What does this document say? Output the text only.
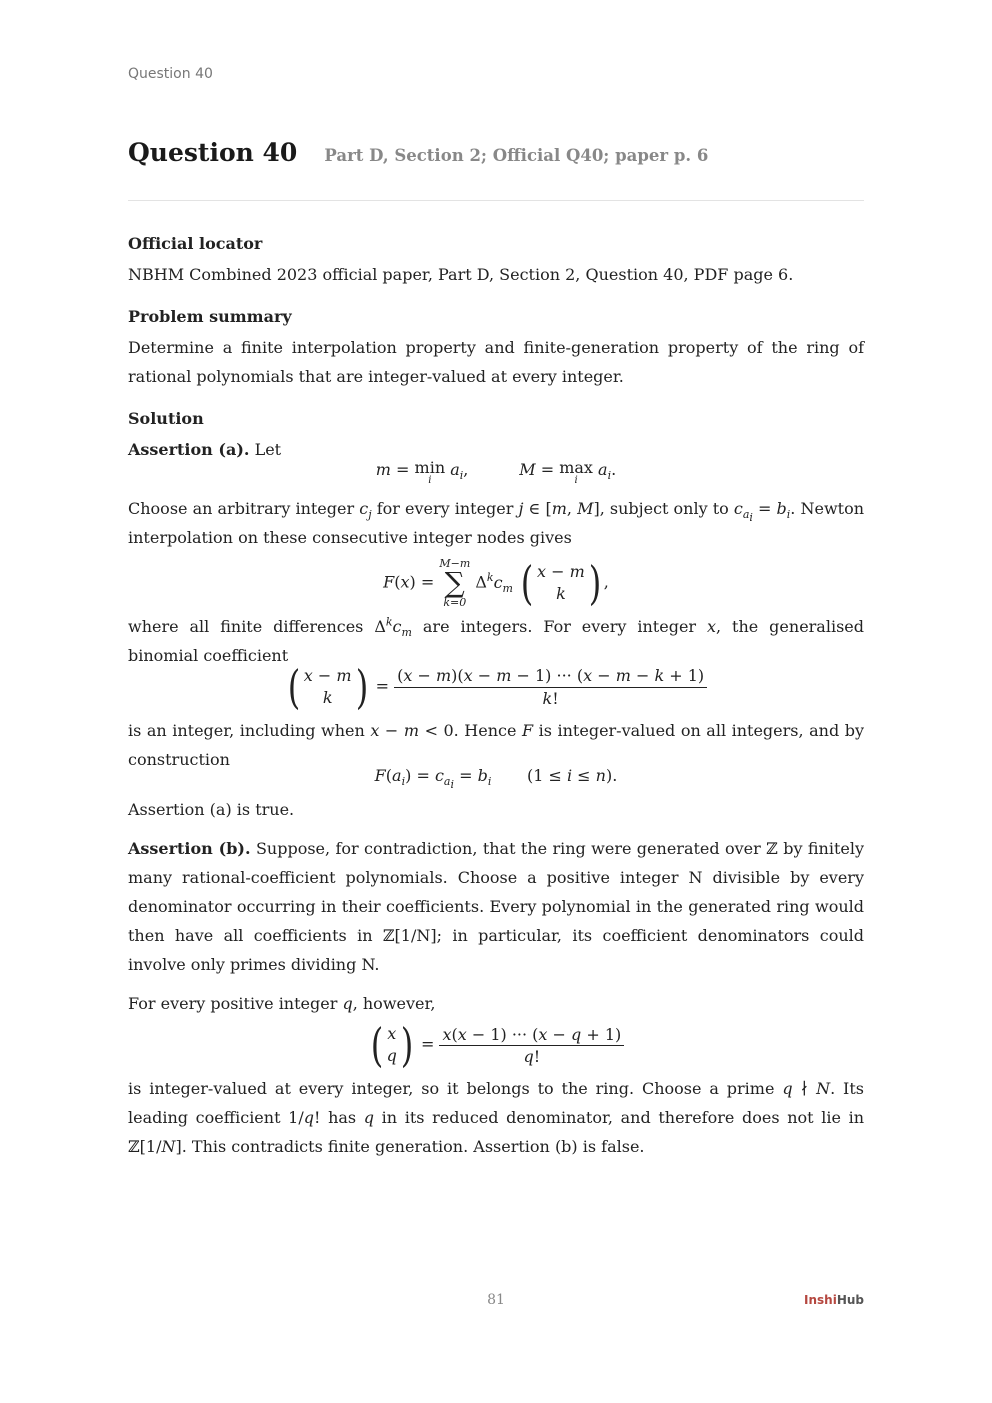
Question 40
Question 40 Part D, Section 2; Official Q40; paper p. 6

Official locator

NBHM Combined 2023 official paper, Part D, Section 2, Question 40, PDF page 6.

Problem summary

Determine a finite interpolation property and finite-generation property of the ring of rational polynomials that are integer-valued at every integer.

Solution

Assertion (a). Let

m = min
i
$a_i$,          M = max
i
$a_i$.

Choose an arbitrary integer $c_j$ for every integer j ∈ [m, M], subject only to $c_{a_i} = b_i$. Newton interpolation on these consecutive integer nodes gives

F(x) =
M−m
∑
k=0
$\Delta^kc_m$ ( x − m
k ) ,

where all finite differences $\Delta^kc_m$ are integers. For every integer x, the generalised binomial coefficient

( x − m
k ) = $\frac{(x - m)(x - m - 1) \cdot\cdot\cdot (x - m - k + 1)}{k!}$

is an integer, including when x − m < 0. Hence F is integer-valued on all integers, and by construction

$F(a_i) = c_{a_i} = b_i$       (1 ≤ i ≤ n).

Assertion (a) is true.

Assertion (b). Suppose, for contradiction, that the ring were generated over ℤ by finitely many rational-coefficient polynomials. Choose a positive integer N divisible by every denominator occurring in their coefficients. Every polynomial in the generated ring would then have all coefficients in ℤ[1/N]; in particular, its coefficient denominators could involve only primes dividing N.

For every positive integer q, however,

( x
q ) = $\frac{x(x - 1) \cdot\cdot\cdot (x - q + 1)}{q!}$

is integer-valued at every integer, so it belongs to the ring. Choose a prime q ∤ N. Its leading coefficient 1/q! has q in its reduced denominator, and therefore does not lie in ℤ[1/N]. This contradicts finite generation. Assertion (b) is false.

81	InshiHub
